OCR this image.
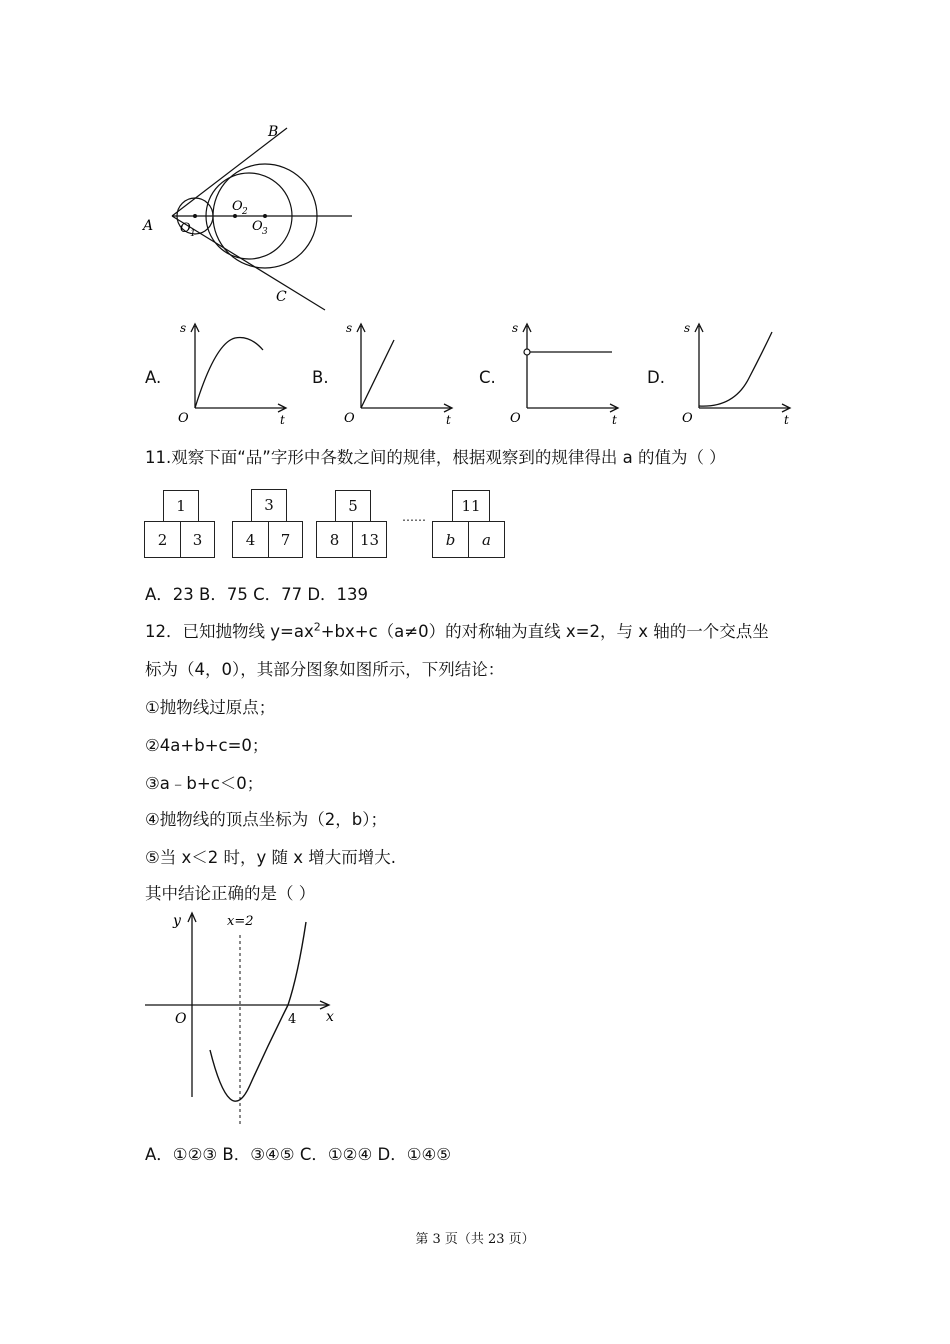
A
B
C
O 1
O 2
O 3
A.
s
t
O
B.
s
t
O
C.
s
t
O
D.
s
t
O
11.观察下面“品”字形中各数之间的规律，根据观察到的规律得出 a 的值为（ ）
1
2	3
3
4	7
5
8	13
……
11
b	a
A．23 B．75 C．77 D．139
12．已知抛物线 $y=ax^2+bx+c(a\ne 0)$的对称轴为直线 x=2，与 x 轴的一个交点坐
标为（4，0），其部分图象如图所示，下列结论：
①抛物线过原点；
②4a+b+c=0；
③a﹣b+c＜0；
④抛物线的顶点坐标为（2，b）；
⑤当 x＜2 时，y 随 x 增大而增大.
其中结论正确的是（ ）
y	x=2
O	4 x
A．①②③ B．③④⑤ C．①②④ D．①④⑤
第 3 页（共 23 页）
